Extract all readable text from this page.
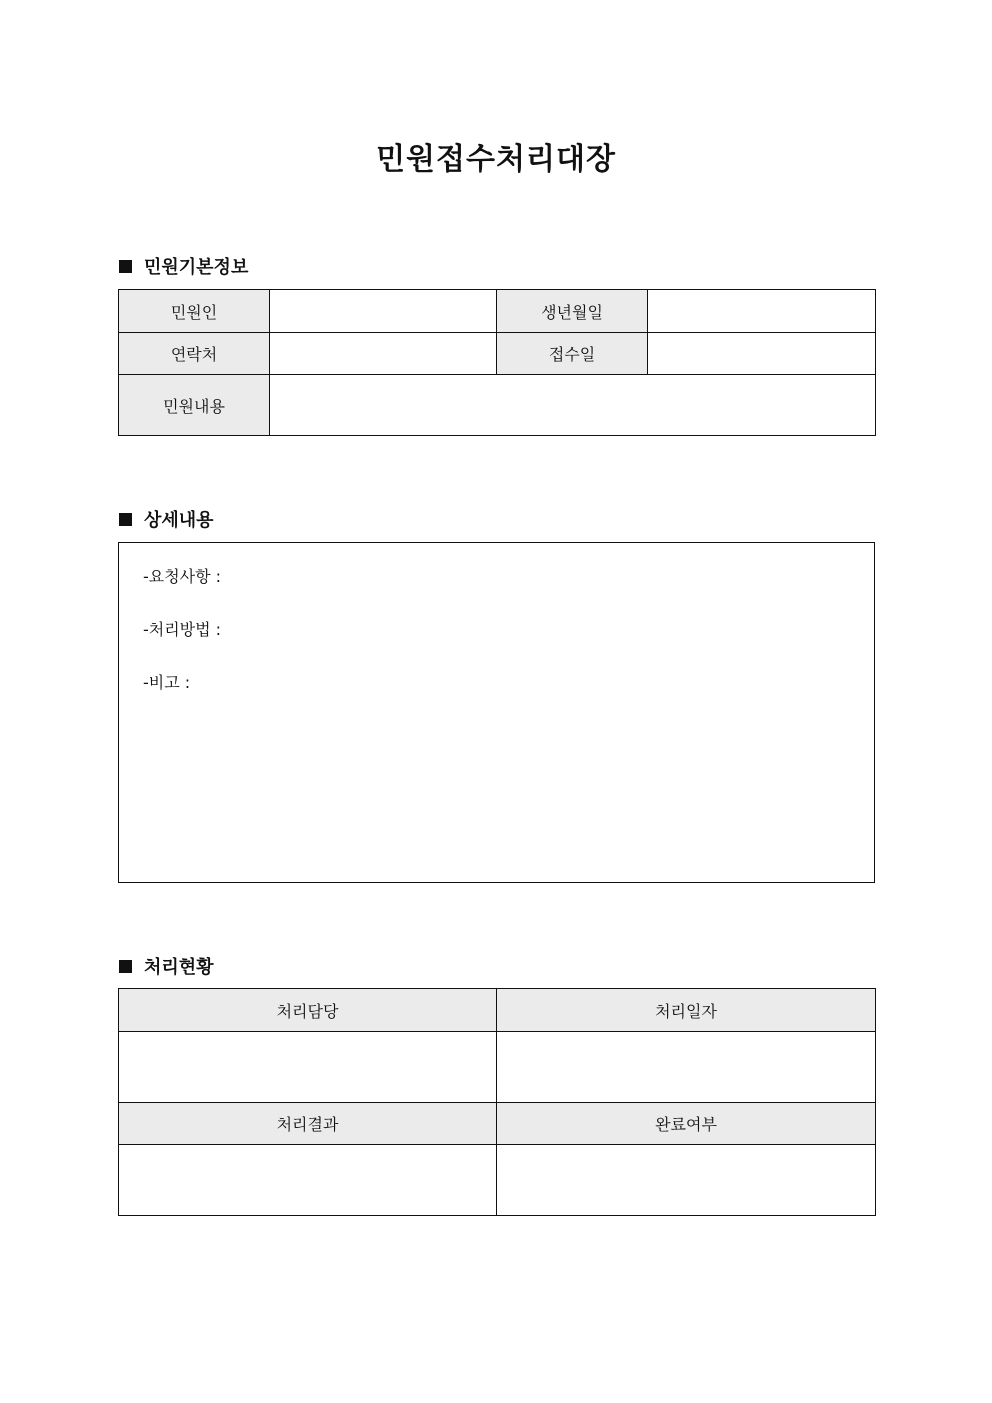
민원접수처리대장
민원기본정보
민원인		생년월일	
연락처		접수일	
민원내용			
상세내용
-요청사항 :
-처리방법 :
-비고 :
처리현황
처리담당	처리일자

처리결과	완료여부
